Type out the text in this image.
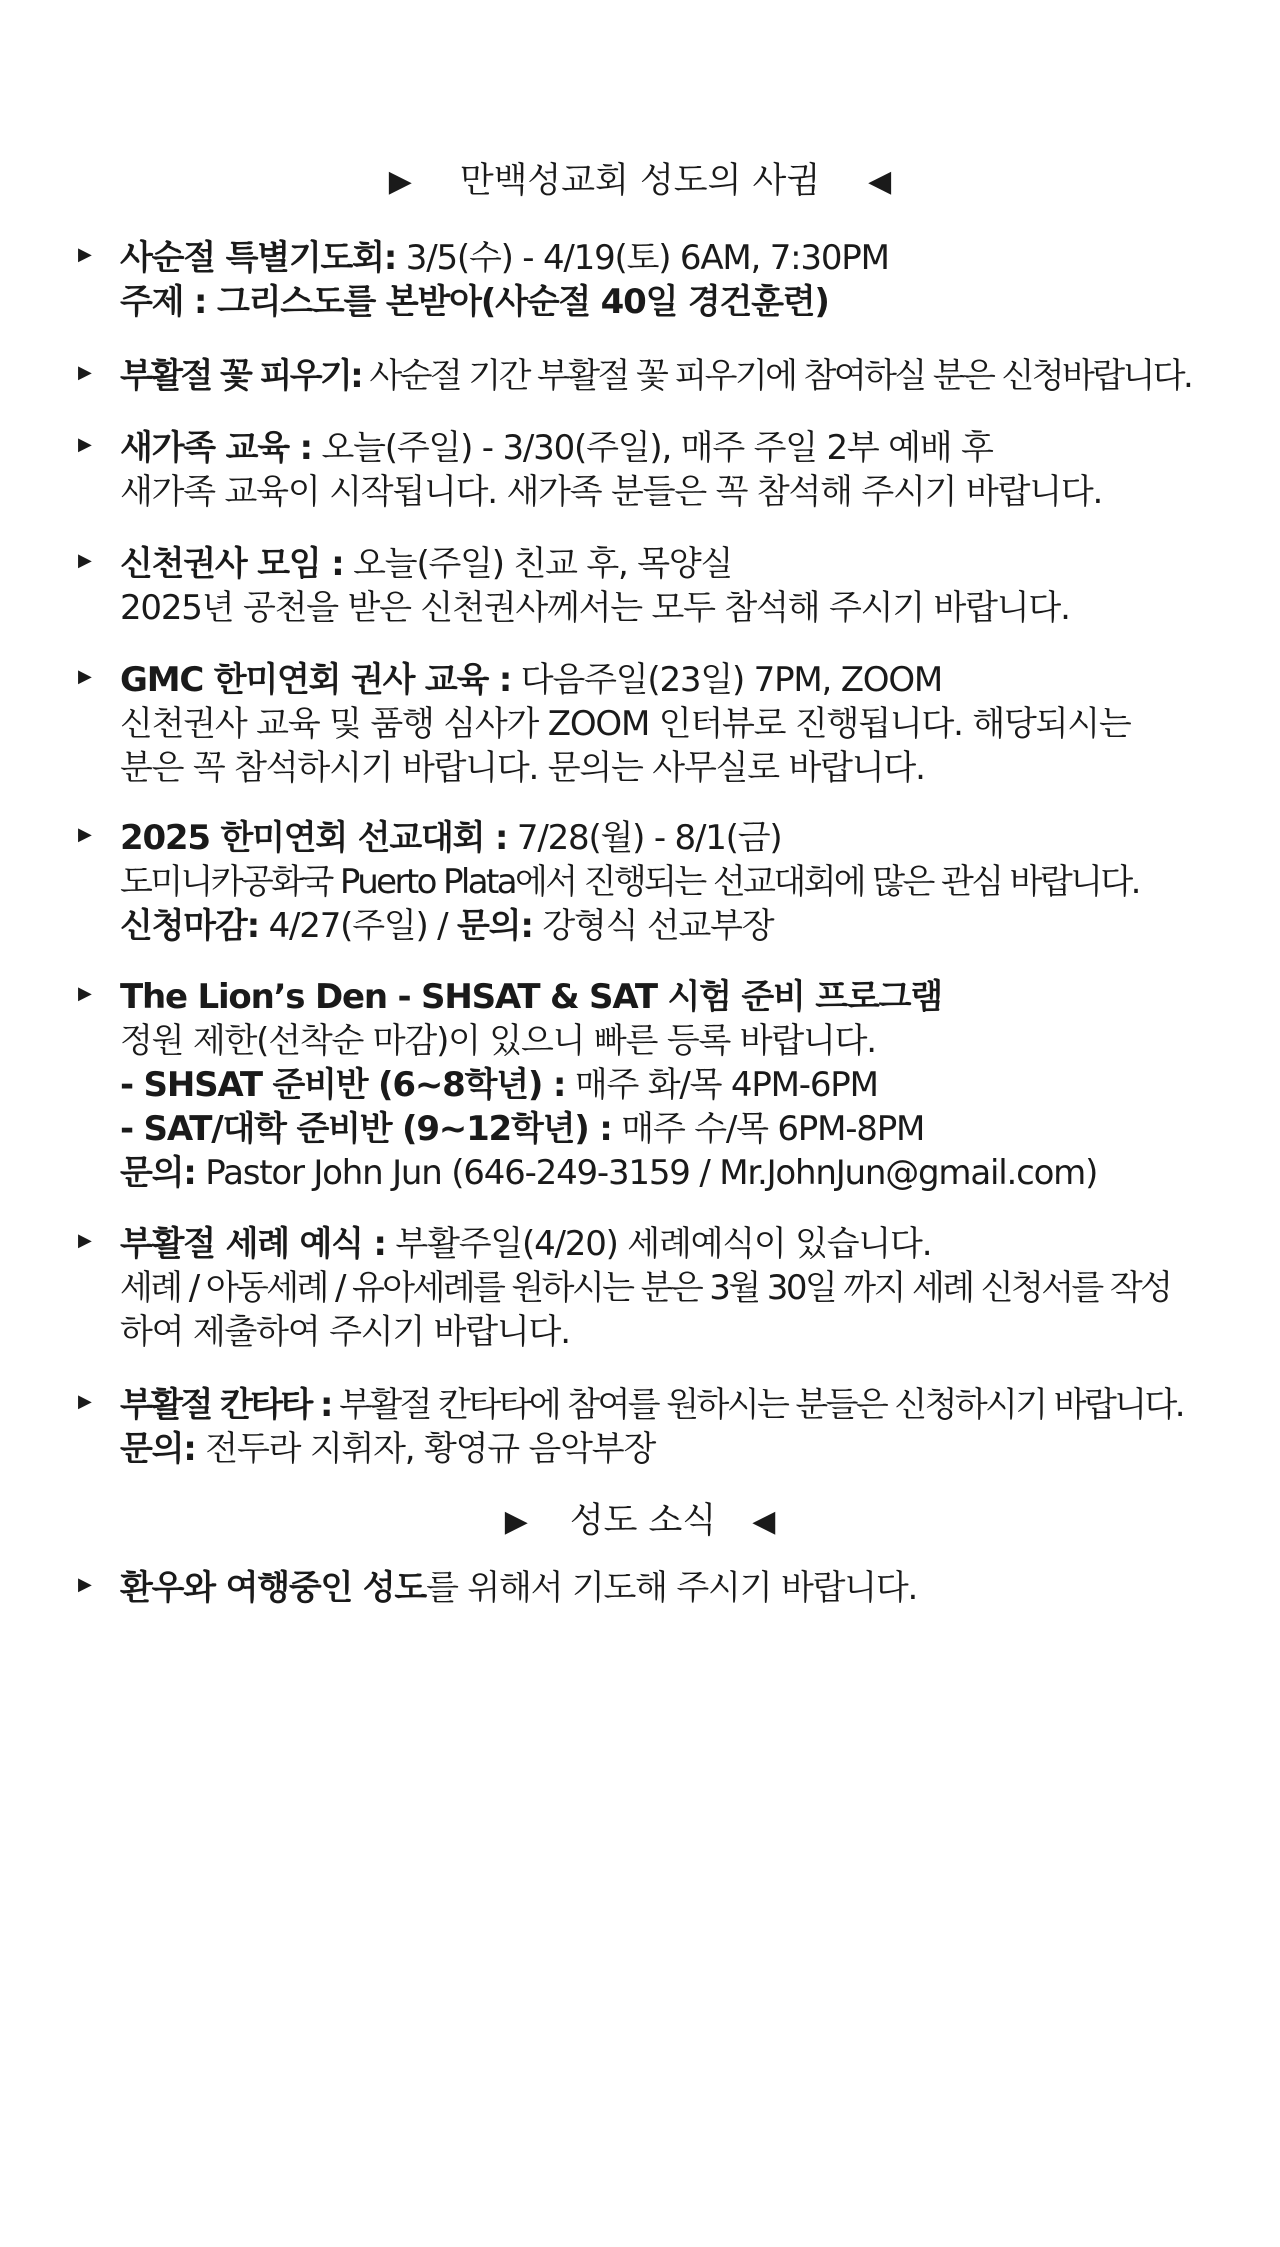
▶ 만백성교회 성도의 사귐 ◀
▶ 사순절 특별기도회: 3/5(수) - 4/19(토) 6AM, 7:30PM
주제 : 그리스도를 본받아(사순절 40일 경건훈련)
▶ 부활절 꽃 피우기: 사순절 기간 부활절 꽃 피우기에 참여하실 분은 신청바랍니다.
▶ 새가족 교육 : 오늘(주일) - 3/30(주일), 매주 주일 2부 예배 후
새가족 교육이 시작됩니다. 새가족 분들은 꼭 참석해 주시기 바랍니다.
▶ 신천권사 모임 : 오늘(주일) 친교 후, 목양실
2025년 공천을 받은 신천권사께서는 모두 참석해 주시기 바랍니다.
▶ GMC 한미연회 권사 교육 : 다음주일(23일) 7PM, ZOOM
신천권사 교육 및 품행 심사가 ZOOM 인터뷰로 진행됩니다. 해당되시는
분은 꼭 참석하시기 바랍니다. 문의는 사무실로 바랍니다.
▶ 2025 한미연회 선교대회 : 7/28(월) - 8/1(금)
도미니카공화국 Puerto Plata에서 진행되는 선교대회에 많은 관심 바랍니다.
신청마감: 4/27(주일) / 문의: 강형식 선교부장
▶ The Lion’s Den - SHSAT & SAT 시험 준비 프로그램
정원 제한(선착순 마감)이 있으니 빠른 등록 바랍니다.
- SHSAT 준비반 (6~8학년) : 매주 화/목 4PM-6PM
- SAT/대학 준비반 (9~12학년) : 매주 수/목 6PM-8PM
문의: Pastor John Jun (646-249-3159 / Mr.JohnJun@gmail.com)
▶ 부활절 세례 예식 : 부활주일(4/20) 세례예식이 있습니다.
세례 / 아동세례 / 유아세례를 원하시는 분은 3월 30일 까지 세례 신청서를 작성
하여 제출하여 주시기 바랍니다.
▶ 부활절 칸타타 : 부활절 칸타타에 참여를 원하시는 분들은 신청하시기 바랍니다.
문의: 전두라 지휘자, 황영규 음악부장
▶ 성도 소식 ◀
▶ 환우와 여행중인 성도를 위해서 기도해 주시기 바랍니다.
